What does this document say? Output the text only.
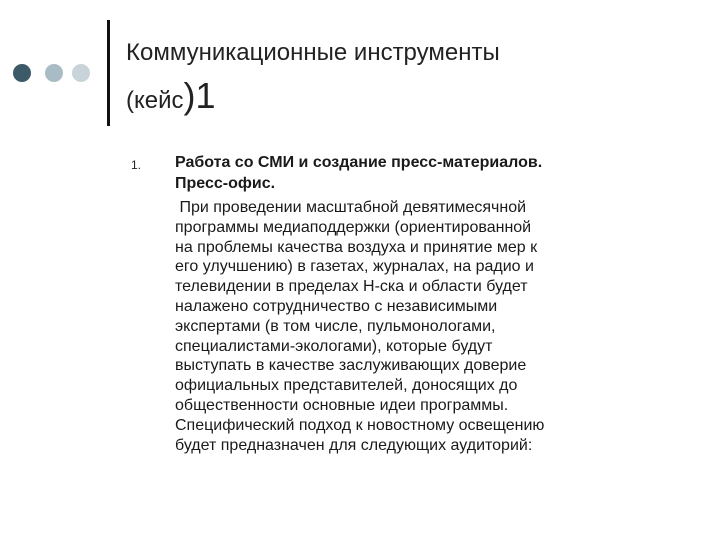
Коммуникационные инструменты
(кейс)1
1. Работа со СМИ и создание пресс-материалов.
Пресс-офис.
При проведении масштабной девятимесячной
программы медиаподдержки (ориентированной
на проблемы качества воздуха и принятие мер к
его улучшению) в газетах, журналах, на радио и
телевидении в пределах Н-ска и области будет
налажено сотрудничество с независимыми
экспертами (в том числе, пульмонологами,
специалистами-экологами), которые будут
выступать в качестве заслуживающих доверие
официальных представителей, доносящих до
общественности основные идеи программы.
Специфический подход к новостному освещению
будет предназначен для следующих аудиторий:
